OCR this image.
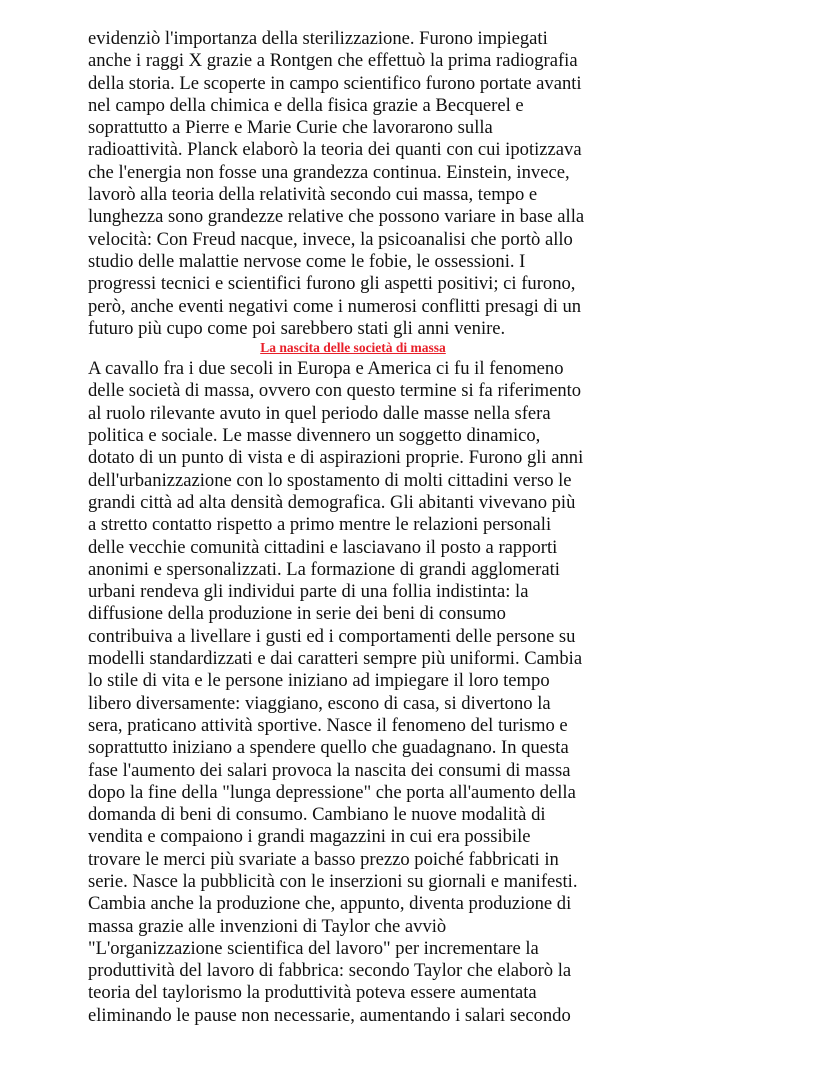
evidenziò l'importanza della sterilizzazione. Furono impiegati
anche i raggi X grazie a Rontgen che effettuò la prima radiografia
della storia. Le scoperte in campo scientifico furono portate avanti
nel campo della chimica e della fisica grazie a Becquerel e
soprattutto a Pierre e Marie Curie che lavorarono sulla
radioattività. Planck elaborò la teoria dei quanti con cui ipotizzava
che l'energia non fosse una grandezza continua. Einstein, invece,
lavorò alla teoria della relatività secondo cui massa, tempo e
lunghezza sono grandezze relative che possono variare in base alla
velocità: Con Freud nacque, invece, la psicoanalisi che portò allo
studio delle malattie nervose come le fobie, le ossessioni. I
progressi tecnici e scientifici furono gli aspetti positivi; ci furono,
però, anche eventi negativi come i numerosi conflitti presagi di un
futuro più cupo come poi sarebbero stati gli anni venire.
La nascita delle società di massa
A cavallo fra i due secoli in Europa e America ci fu il fenomeno
delle società di massa, ovvero con questo termine si fa riferimento
al ruolo rilevante avuto in quel periodo dalle masse nella sfera
politica e sociale. Le masse divennero un soggetto dinamico,
dotato di un punto di vista e di aspirazioni proprie. Furono gli anni
dell'urbanizzazione con lo spostamento di molti cittadini verso le
grandi città ad alta densità demografica. Gli abitanti vivevano più
a stretto contatto rispetto a primo mentre le relazioni personali
delle vecchie comunità cittadini e lasciavano il posto a rapporti
anonimi e spersonalizzati. La formazione di grandi agglomerati
urbani rendeva gli individui parte di una follia indistinta: la
diffusione della produzione in serie dei beni di consumo
contribuiva a livellare i gusti ed i comportamenti delle persone su
modelli standardizzati e dai caratteri sempre più uniformi. Cambia
lo stile di vita e le persone iniziano ad impiegare il loro tempo
libero diversamente: viaggiano, escono di casa, si divertono la
sera, praticano attività sportive. Nasce il fenomeno del turismo e
soprattutto iniziano a spendere quello che guadagnano. In questa
fase l'aumento dei salari provoca la nascita dei consumi di massa
dopo la fine della "lunga depressione" che porta all'aumento della
domanda di beni di consumo. Cambiano le nuove modalità di
vendita e compaiono i grandi magazzini in cui era possibile
trovare le merci più svariate a basso prezzo poiché fabbricati in
serie. Nasce la pubblicità con le inserzioni su giornali e manifesti.
Cambia anche la produzione che, appunto, diventa produzione di
massa grazie alle invenzioni di Taylor che avviò
"L'organizzazione scientifica del lavoro" per incrementare la
produttività del lavoro di fabbrica: secondo Taylor che elaborò la
teoria del taylorismo la produttività poteva essere aumentata
eliminando le pause non necessarie, aumentando i salari secondo
